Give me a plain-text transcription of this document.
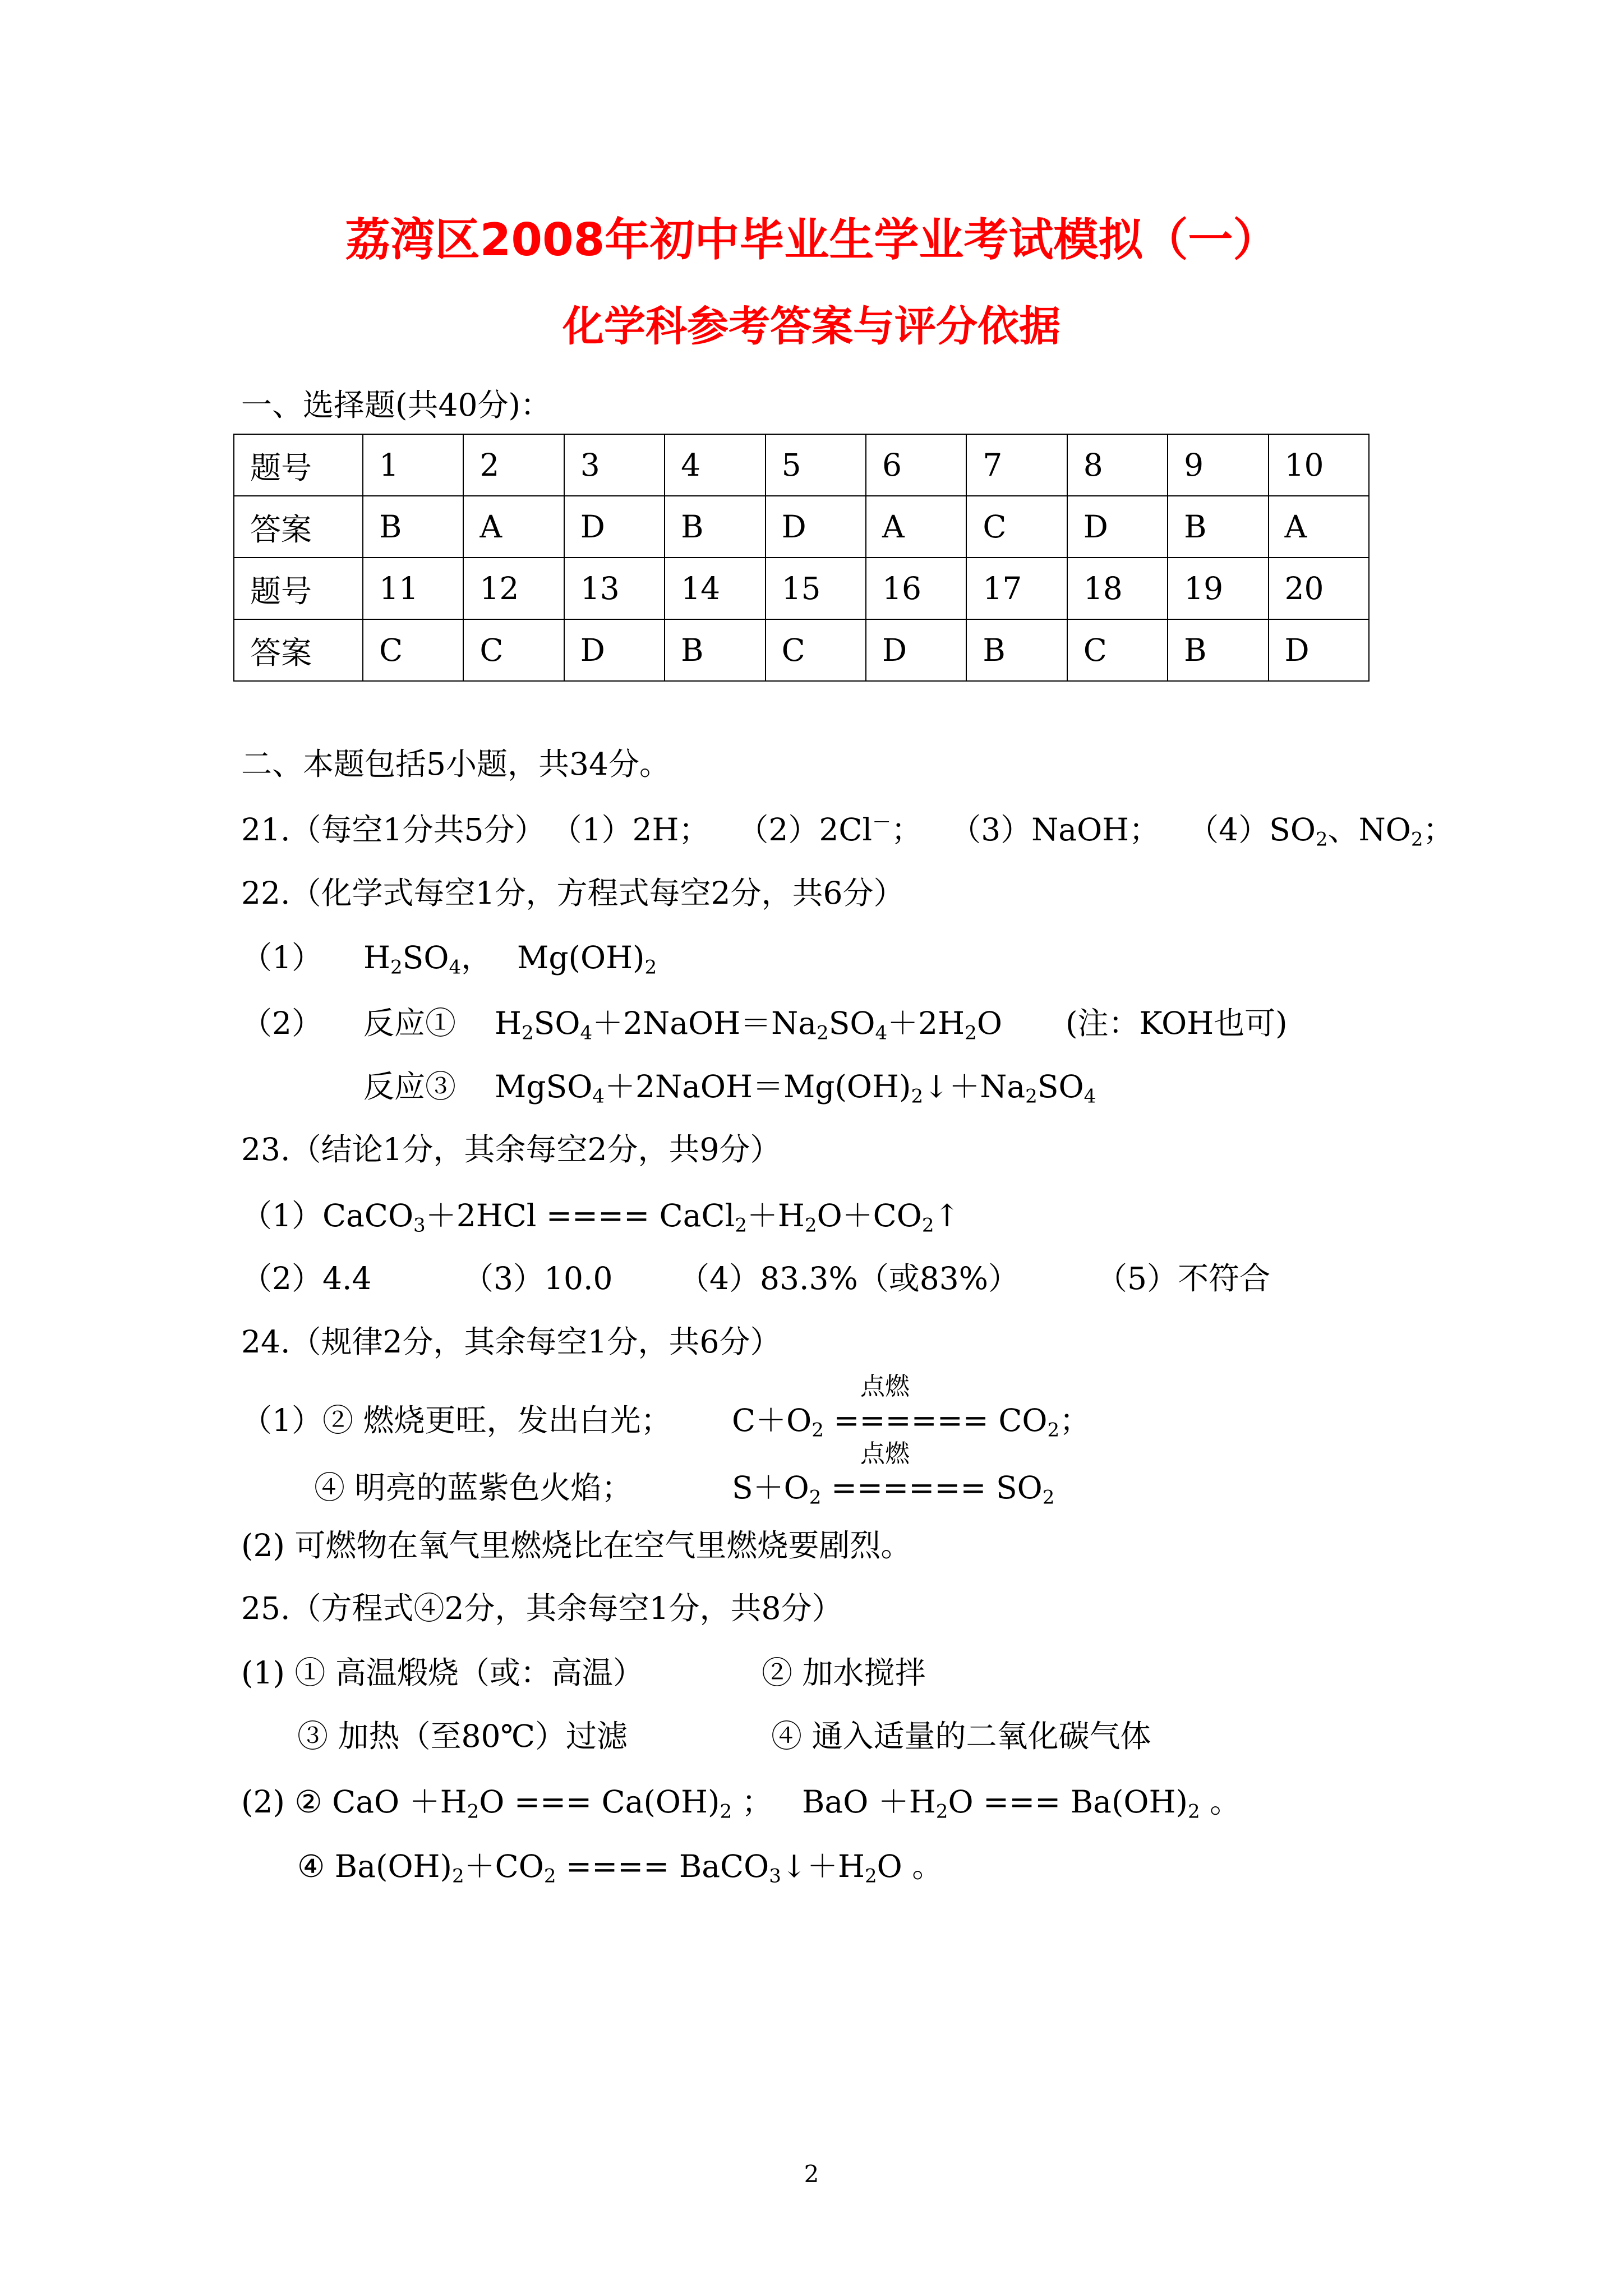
荔湾区2008年初中毕业生学业考试模拟（一）
化学科参考答案与评分依据
一、选择题(共40分)：
题号	1	2	3	4	5	6	7	8	9	10
答案	B	A	D	B	D	A	C	D	B	A
题号	11	12	13	14	15	16	17	18	19	20
答案	C	C	D	B	C	D	B	C	B	D
二、本题包括5小题，共34分。
21.（每空1分共5分） （1）2H； （2）2Cl－； （3）NaOH； $(4)SO_2$、$NO_2$；
22.（化学式每空1分，方程式每空2分，共6分）
（1） $H_2SO_4$， $Mg(OH)_2$
（2） 反应① $H_2SO_4+2NaOH=Na_2SO_4+2H_2O$ (注：KOH也可)
反应③ $MgSO_4+2NaOH=Mg(OH)_2↓+Na_2SO_4$
23.（结论1分，其余每空2分，共9分）
（1）CaCO$_3$＋2HCl ==== $CaCl_2+H_2O+CO_2↑$
（2）4.4	（3）10.0 （4）83.3%（或83%）	（5）不符合
24.（规律2分，其余每空1分，共6分）
点燃
（1）② 燃烧更旺，发出白光； $C+O_2$ ====== $CO_2$；
点燃
④ 明亮的蓝紫色火焰；	$S+O_2$ ====== $SO_2$
(2) 可燃物在氧气里燃烧比在空气里燃烧要剧烈。
25.（方程式④2分，其余每空1分，共8分）
(1) ① 高温煅烧（或：高温）	② 加水搅拌
③ 加热（至80℃）过滤	④ 通入适量的二氧化碳气体
(2) ② CaO $+H_2O$ === $Ca(OH)_2$ ； BaO $+H_2O$ === $Ba(OH)_2$ 。
④ $Ba(OH)_2+CO_2$ ==== $BaCO_3↓+H_2O$ 。
2
